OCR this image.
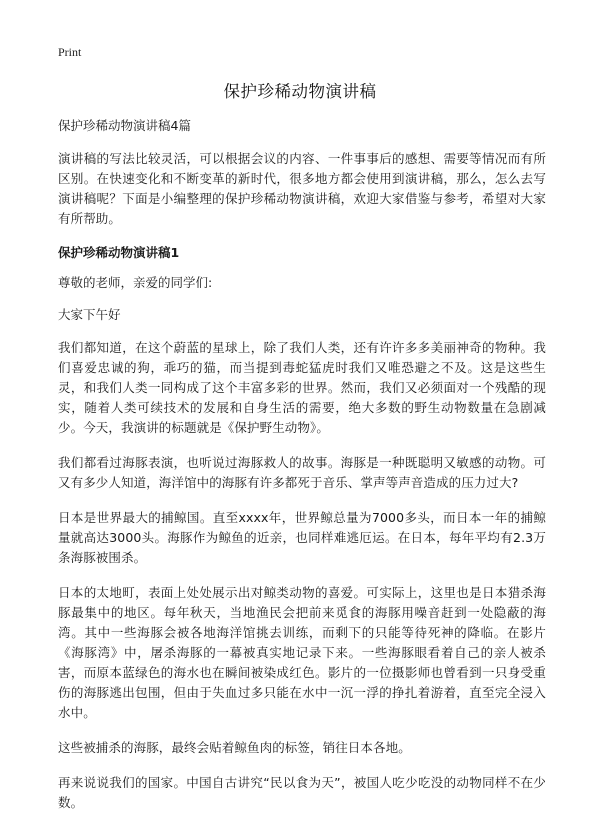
Print
保护珍稀动物演讲稿
保护珍稀动物演讲稿4篇

演讲稿的写法比较灵活，可以根据会议的内容、一件事事后的感想、需要等情况而有所区别。在快速变化和不断变革的新时代，很多地方都会使用到演讲稿，那么，怎么去写演讲稿呢？下面是小编整理的保护珍稀动物演讲稿，欢迎大家借鉴与参考，希望对大家有所帮助。

保护珍稀动物演讲稿1

尊敬的老师，亲爱的同学们:

大家下午好

我们都知道，在这个蔚蓝的星球上，除了我们人类，还有许许多多美丽神奇的物种。我们喜爱忠诚的狗，乖巧的猫，而当提到毒蛇猛虎时我们又唯恐避之不及。这是这些生灵，和我们人类一同构成了这个丰富多彩的世界。然而，我们又必须面对一个残酷的现实，随着人类可续技术的发展和自身生活的需要，绝大多数的野生动物数量在急剧减少。今天，我演讲的标题就是《保护野生动物》。

我们都看过海豚表演，也听说过海豚救人的故事。海豚是一种既聪明又敏感的动物。可又有多少人知道，海洋馆中的海豚有许多都死于音乐、掌声等声音造成的压力过大?

日本是世界最大的捕鲸国。直至xxxx年，世界鲸总量为7000多头，而日本一年的捕鲸量就高达3000头。海豚作为鲸鱼的近亲，也同样难逃厄运。在日本，每年平均有2.3万条海豚被围杀。

日本的太地町，表面上处处展示出对鲸类动物的喜爱。可实际上，这里也是日本猎杀海豚最集中的地区。每年秋天，当地渔民会把前来觅食的海豚用噪音赶到一处隐蔽的海湾。其中一些海豚会被各地海洋馆挑去训练，而剩下的只能等待死神的降临。在影片《海豚湾》中，屠杀海豚的一幕被真实地记录下来。一些海豚眼看着自己的亲人被杀害，而原本蓝绿色的海水也在瞬间被染成红色。影片的一位摄影师也曾看到一只身受重伤的海豚逃出包围，但由于失血过多只能在水中一沉一浮的挣扎着游着，直至完全浸入水中。

这些被捕杀的海豚，最终会贴着鲸鱼肉的标签，销往日本各地。

再来说说我们的国家。中国自古讲究“民以食为天”，被国人吃少吃没的动物同样不在少数。
